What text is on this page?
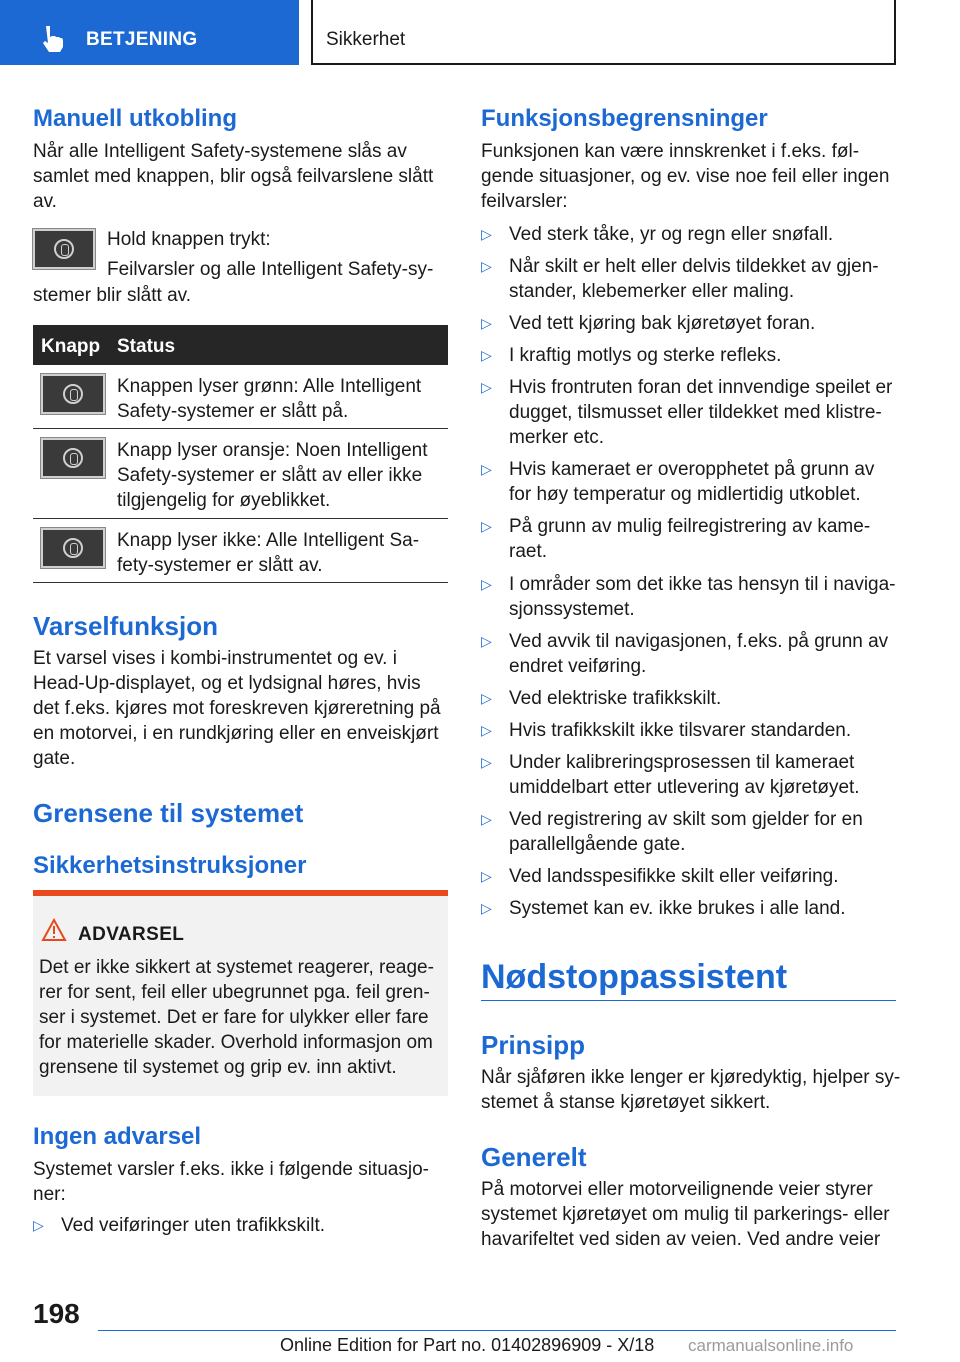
BETJENING	Sikkerhet
Manuell utkobling
Når alle Intelligent Safety-systemene slås av
samlet med knappen, blir også feilvarslene slått
av.
Hold knappen trykt:
Feilvarsler og alle Intelligent Safety-sy-
stemer blir slått av.
Knapp Status
Knappen lyser grønn: Alle Intelligent
Safety-systemer er slått på.
Knapp lyser oransje: Noen Intelligent
Safety-systemer er slått av eller ikke
tilgjengelig for øyeblikket.
Knapp lyser ikke: Alle Intelligent Sa-
fety-systemer er slått av.
Varselfunksjon
Et varsel vises i kombi-instrumentet og ev. i
Head-Up-displayet, og et lydsignal høres, hvis
det f.eks. kjøres mot foreskreven kjøreretning på
en motorvei, i en rundkjøring eller en enveiskjørt
gate.
Grensene til systemet
Sikkerhetsinstruksjoner
ADVARSEL
Det er ikke sikkert at systemet reagerer, reage-
rer for sent, feil eller ubegrunnet pga. feil gren-
ser i systemet. Det er fare for ulykker eller fare
for materielle skader. Overhold informasjon om
grensene til systemet og grip ev. inn aktivt.
Ingen advarsel
Systemet varsler f.eks. ikke i følgende situasjo-
ner:
▷ Ved veiføringer uten trafikkskilt.
Funksjonsbegrensninger
Funksjonen kan være innskrenket i f.eks. føl-
gende situasjoner, og ev. vise noe feil eller ingen
feilvarsler:
▷ Ved sterk tåke, yr og regn eller snøfall.
▷ Når skilt er helt eller delvis tildekket av gjen-
stander, klebemerker eller maling.
▷ Ved tett kjøring bak kjøretøyet foran.
▷ I kraftig motlys og sterke refleks.
▷ Hvis frontruten foran det innvendige speilet er
dugget, tilsmusset eller tildekket med klistre-
merker etc.
▷ Hvis kameraet er overopphetet på grunn av
for høy temperatur og midlertidig utkoblet.
▷ På grunn av mulig feilregistrering av kame-
raet.
▷ I områder som det ikke tas hensyn til i naviga-
sjonssystemet.
▷ Ved avvik til navigasjonen, f.eks. på grunn av
endret veiføring.
▷ Ved elektriske trafikkskilt.
▷ Hvis trafikkskilt ikke tilsvarer standarden.
▷ Under kalibreringsprosessen til kameraet
umiddelbart etter utlevering av kjøretøyet.
▷ Ved registrering av skilt som gjelder for en
parallellgående gate.
▷ Ved landsspesifikke skilt eller veiføring.
▷ Systemet kan ev. ikke brukes i alle land.
Nødstoppassistent
Prinsipp
Når sjåføren ikke lenger er kjøredyktig, hjelper sy-
stemet å stanse kjøretøyet sikkert.
Generelt
På motorvei eller motorveilignende veier styrer
systemet kjøretøyet om mulig til parkerings- eller
havarifeltet ved siden av veien. Ved andre veier
198
Online Edition for Part no. 01402896909 - X/18 carmanualsonline.info
